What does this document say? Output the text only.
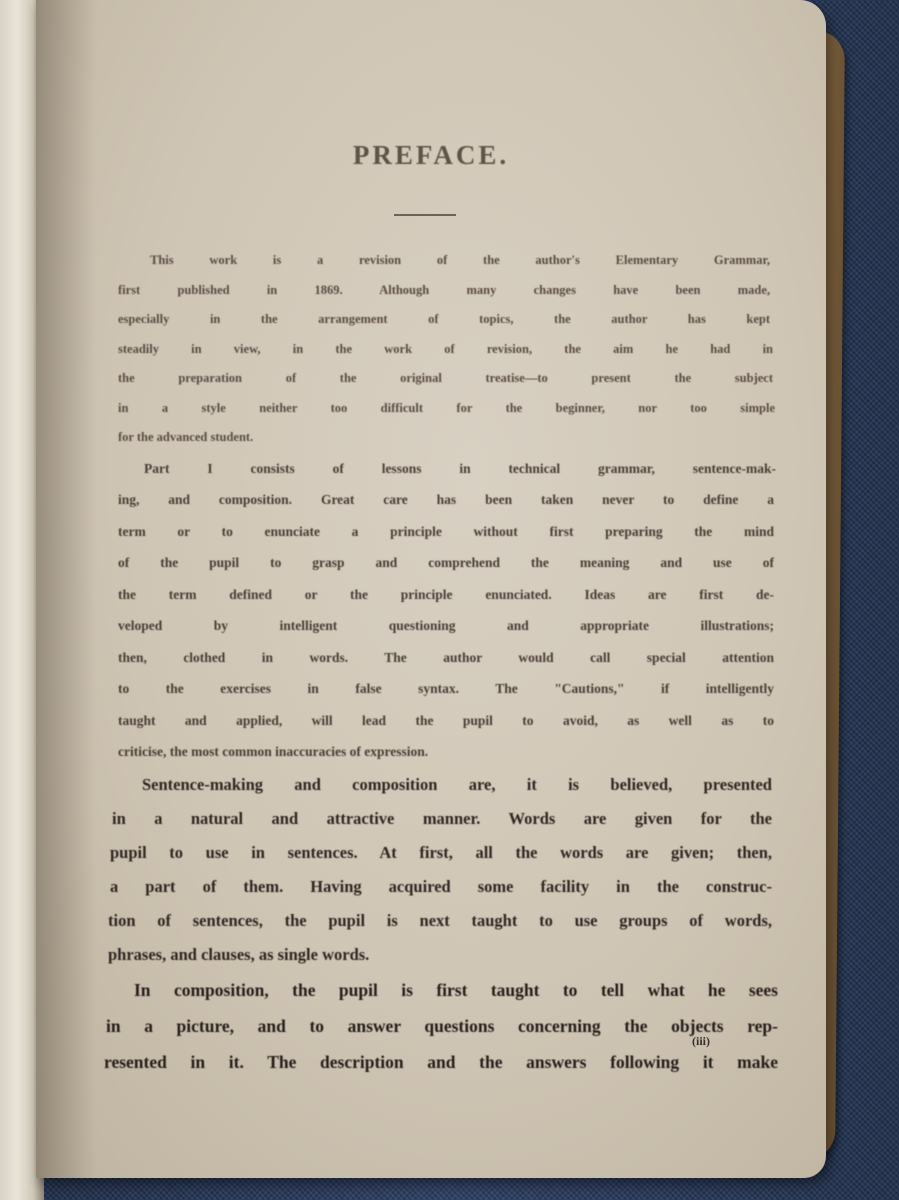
PREFACE.
This work is a revision of the author's Elementary Grammar,
first published in 1869. Although many changes have been made,
especially in the arrangement of topics, the author has kept
steadily in view, in the work of revision, the aim he had in
the preparation of the original treatise—to present the subject
in a style neither too difficult for the beginner, nor too simple
for the advanced student.
Part I consists of lessons in technical grammar, sentence-mak-
ing, and composition. Great care has been taken never to define a
term or to enunciate a principle without first preparing the mind
of the pupil to grasp and comprehend the meaning and use of
the term defined or the principle enunciated. Ideas are first de-
veloped by intelligent questioning and appropriate illustrations;
then, clothed in words. The author would call special attention
to the exercises in false syntax. The "Cautions," if intelligently
taught and applied, will lead the pupil to avoid, as well as to
criticise, the most common inaccuracies of expression.
Sentence-making and composition are, it is believed, presented
in a natural and attractive manner. Words are given for the
pupil to use in sentences. At first, all the words are given; then,
a part of them. Having acquired some facility in the construc-
tion of sentences, the pupil is next taught to use groups of words,
phrases, and clauses, as single words.
In composition, the pupil is first taught to tell what he sees
in a picture, and to answer questions concerning the objects rep-
resented in it. The description and the answers following it make
(iii)
